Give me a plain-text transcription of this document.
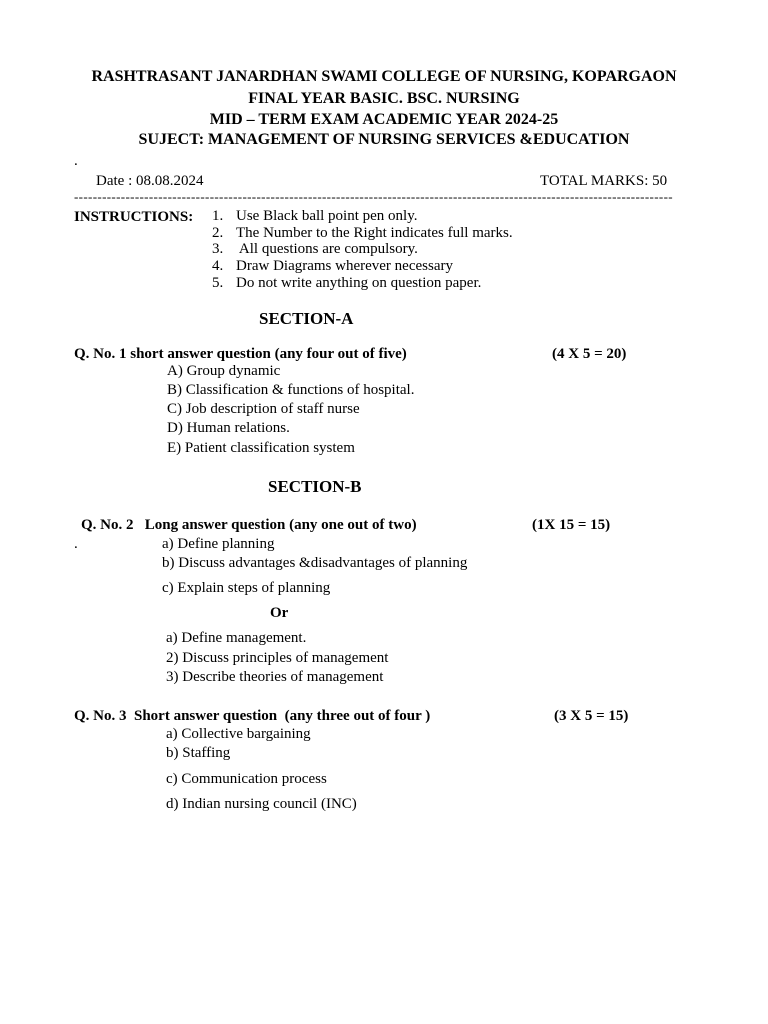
RASHTRASANT JANARDHAN SWAMI COLLEGE OF NURSING, KOPARGAON
FINAL YEAR BASIC. BSC. NURSING
MID – TERM EXAM ACADEMIC YEAR 2024-25
SUJECT: MANAGEMENT OF NURSING SERVICES &EDUCATION
.
Date : 08.08.2024	TOTAL MARKS: 50
--------------------------------------------------------------------------------------------------------------------------------
INSTRUCTIONS: 1. Use Black ball point pen only.
2. The Number to the Right indicates full marks.
3. All questions are compulsory.
4. Draw Diagrams wherever necessary
5. Do not write anything on question paper.
SECTION-A
Q. No. 1 short answer question (any four out of five)	(4 X 5 = 20)
A) Group dynamic
B) Classification & functions of hospital.
C) Job description of staff nurse
D) Human relations.
E) Patient classification system
SECTION-B
Q. No. 2   Long answer question (any one out of two)	(1X 15 = 15)
.	a) Define planning
b) Discuss advantages &disadvantages of planning
c) Explain steps of planning
Or
a) Define management.
2) Discuss principles of management
3) Describe theories of management
Q. No. 3  Short answer question  (any three out of four )	(3 X 5 = 15)
a) Collective bargaining
b) Staffing
c) Communication process
d) Indian nursing council (INC)
